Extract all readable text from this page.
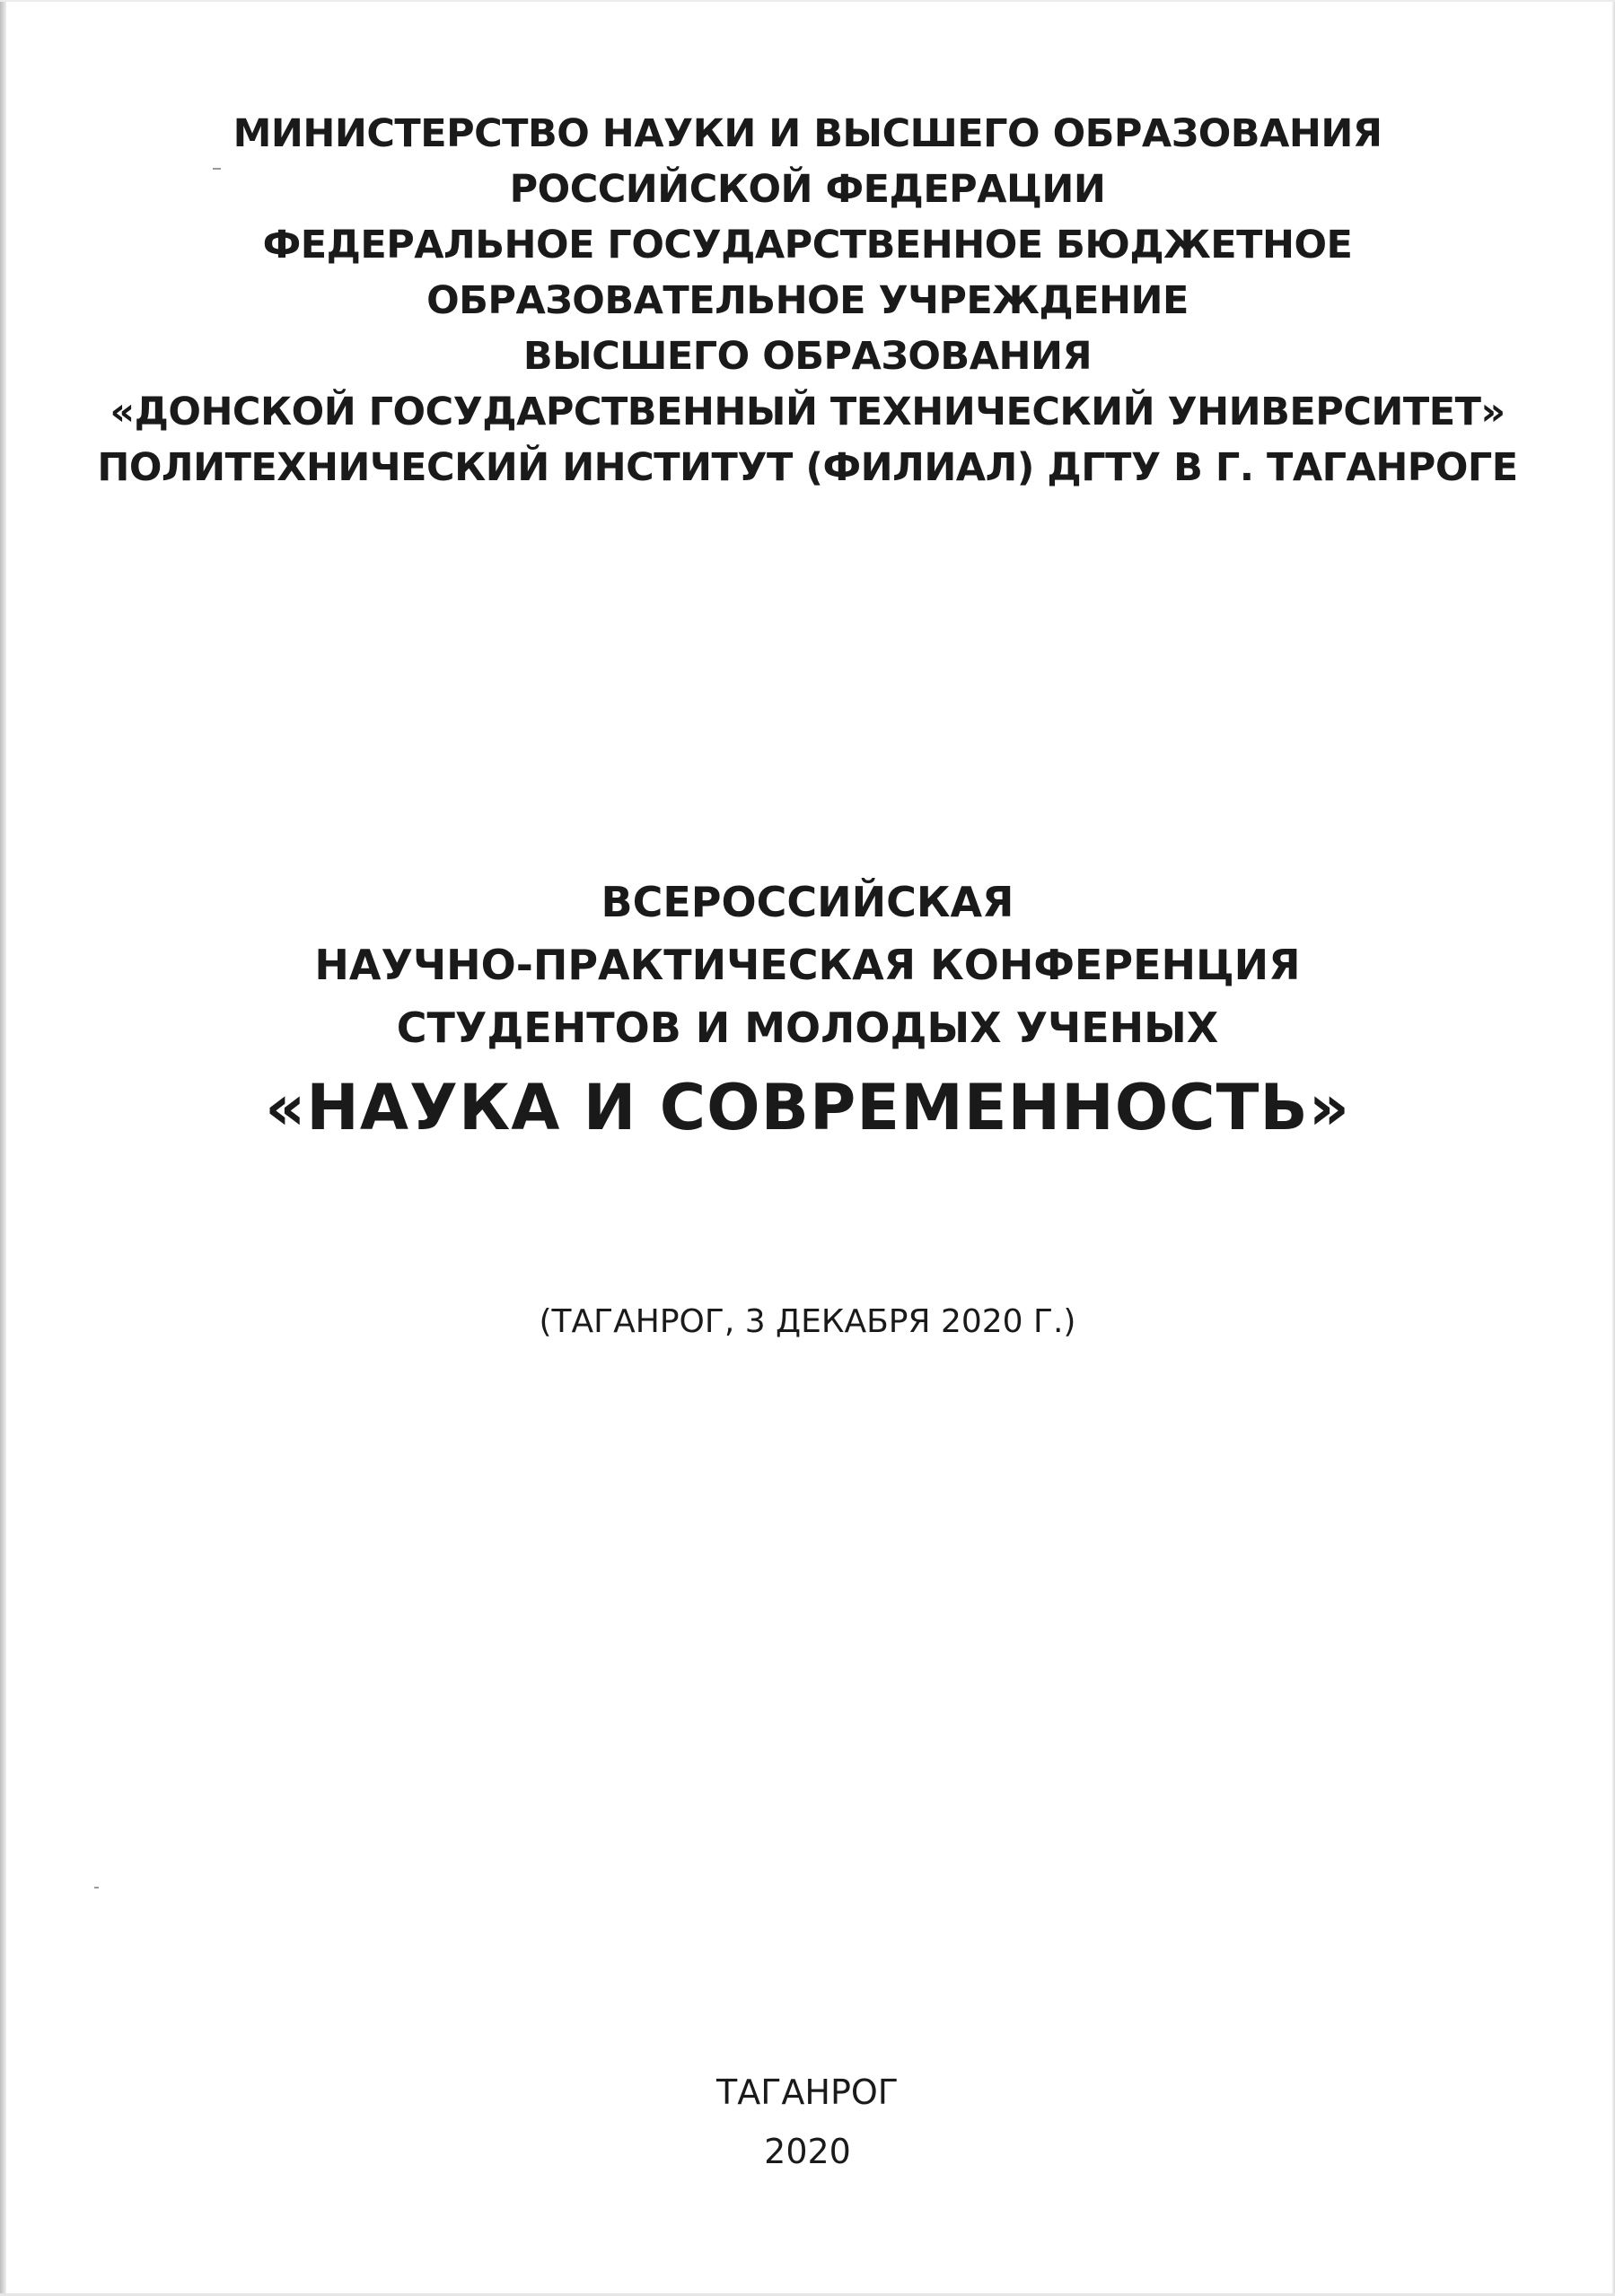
МИНИСТЕРСТВО НАУКИ И ВЫСШЕГО ОБРАЗОВАНИЯ
РОССИЙСКОЙ ФЕДЕРАЦИИ
ФЕДЕРАЛЬНОЕ ГОСУДАРСТВЕННОЕ БЮДЖЕТНОЕ
ОБРАЗОВАТЕЛЬНОЕ УЧРЕЖДЕНИЕ
ВЫСШЕГО ОБРАЗОВАНИЯ
«ДОНСКОЙ ГОСУДАРСТВЕННЫЙ ТЕХНИЧЕСКИЙ УНИВЕРСИТЕТ»
ПОЛИТЕХНИЧЕСКИЙ ИНСТИТУТ (ФИЛИАЛ) ДГТУ В Г. ТАГАНРОГЕ
ВСЕРОССИЙСКАЯ
НАУЧНО-ПРАКТИЧЕСКАЯ КОНФЕРЕНЦИЯ
СТУДЕНТОВ И МОЛОДЫХ УЧЕНЫХ
«НАУКА И СОВРЕМЕННОСТЬ»
(ТАГАНРОГ, 3 ДЕКАБРЯ 2020 Г.)
ТАГАНРОГ
2020
